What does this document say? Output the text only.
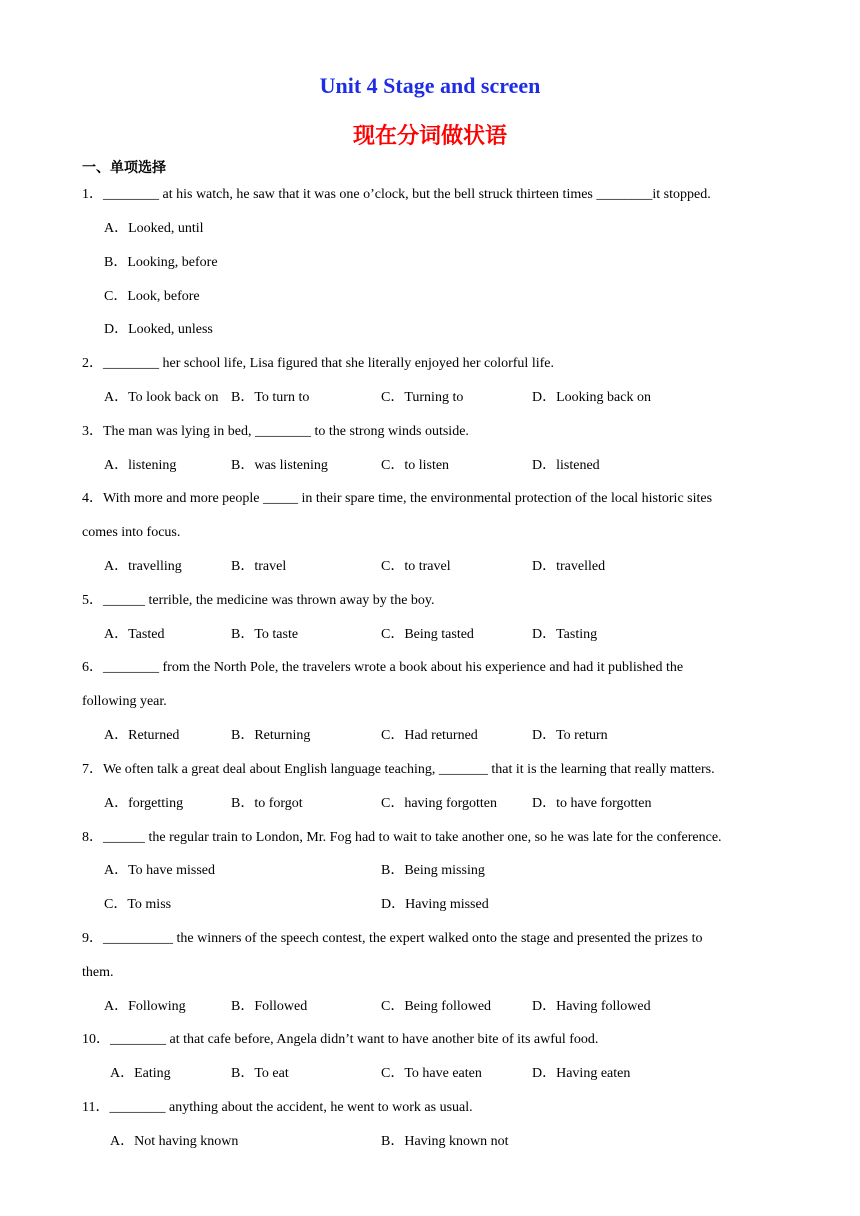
Unit 4 Stage and screen
现在分词做状语
一、单项选择
1．________ at his watch, he saw that it was one o’clock, but the bell struck thirteen times ________it stopped.
A．Looked, until
B．Looking, before
C．Look, before
D．Looked, unless
2．________ her school life, Lisa figured that she literally enjoyed her colorful life.
A．To look back on B．To turn to	C．Turning to	D．Looking back on
3．The man was lying in bed, ________ to the strong winds outside.
A．listening	B．was listening	C．to listen	D．listened
4．With more and more people _____ in their spare time, the environmental protection of the local historic sites
comes into focus.
A．travelling	B．travel	C．to travel	D．travelled
5．______ terrible, the medicine was thrown away by the boy.
A．Tasted	B．To taste	C．Being tasted	D．Tasting
6．________ from the North Pole, the travelers wrote a book about his experience and had it published the
following year.
A．Returned	B．Returning	C．Had returned	D．To return
7．We often talk a great deal about English language teaching, _______ that it is the learning that really matters.
A．forgetting	B．to forgot	C．having forgotten D．to have forgotten
8．______ the regular train to London, Mr. Fog had to wait to take another one, so he was late for the conference.
A．To have missed	B．Being missing
C．To miss	D．Having missed
9．__________ the winners of the speech contest, the expert walked onto the stage and presented the prizes to
them.
A．Following	B．Followed	C．Being followed	D．Having followed
10．________ at that cafe before, Angela didn’t want to have another bite of its awful food.
A．Eating	B．To eat	C．To have eaten	D．Having eaten
11．________ anything about the accident, he went to work as usual.
A．Not having known	B．Having known not
